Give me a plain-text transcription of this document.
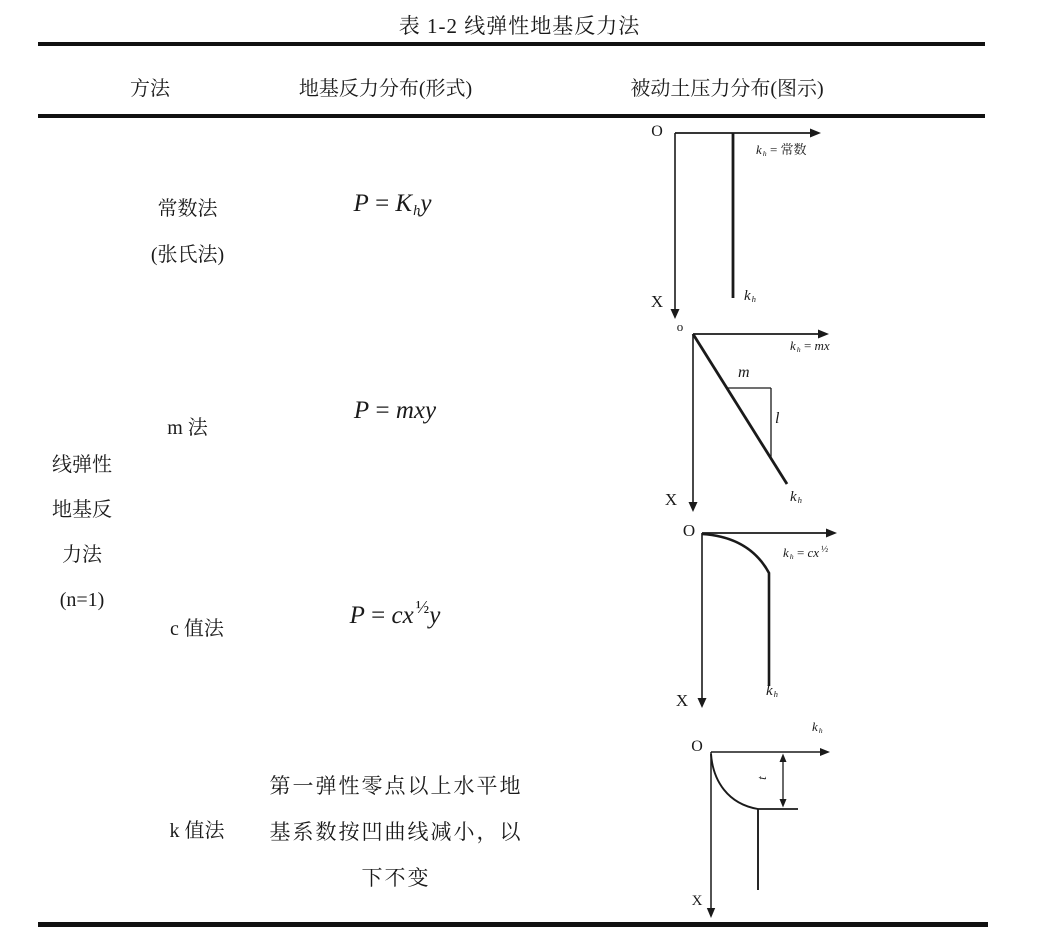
表 1-2 线弹性地基反力法
方法	地基反力分布(形式)	被动土压力分布(图示)
线弹性
地基反
力法
(n=1)
常数法
(张氏法)
P = Khy
O
X
kh = 常数
kh
m 法
P = mxy
o
X
kh = mx
kh
m
l
c 值法
P = cx $^{\frac{1}{2}}$y
O
X
kh = cx $^{\frac{1}{2}}$
kh
k 值法
第一弹性零点以上水平地
基系数按凹曲线减小，以
下不变
kh
O
t
X
